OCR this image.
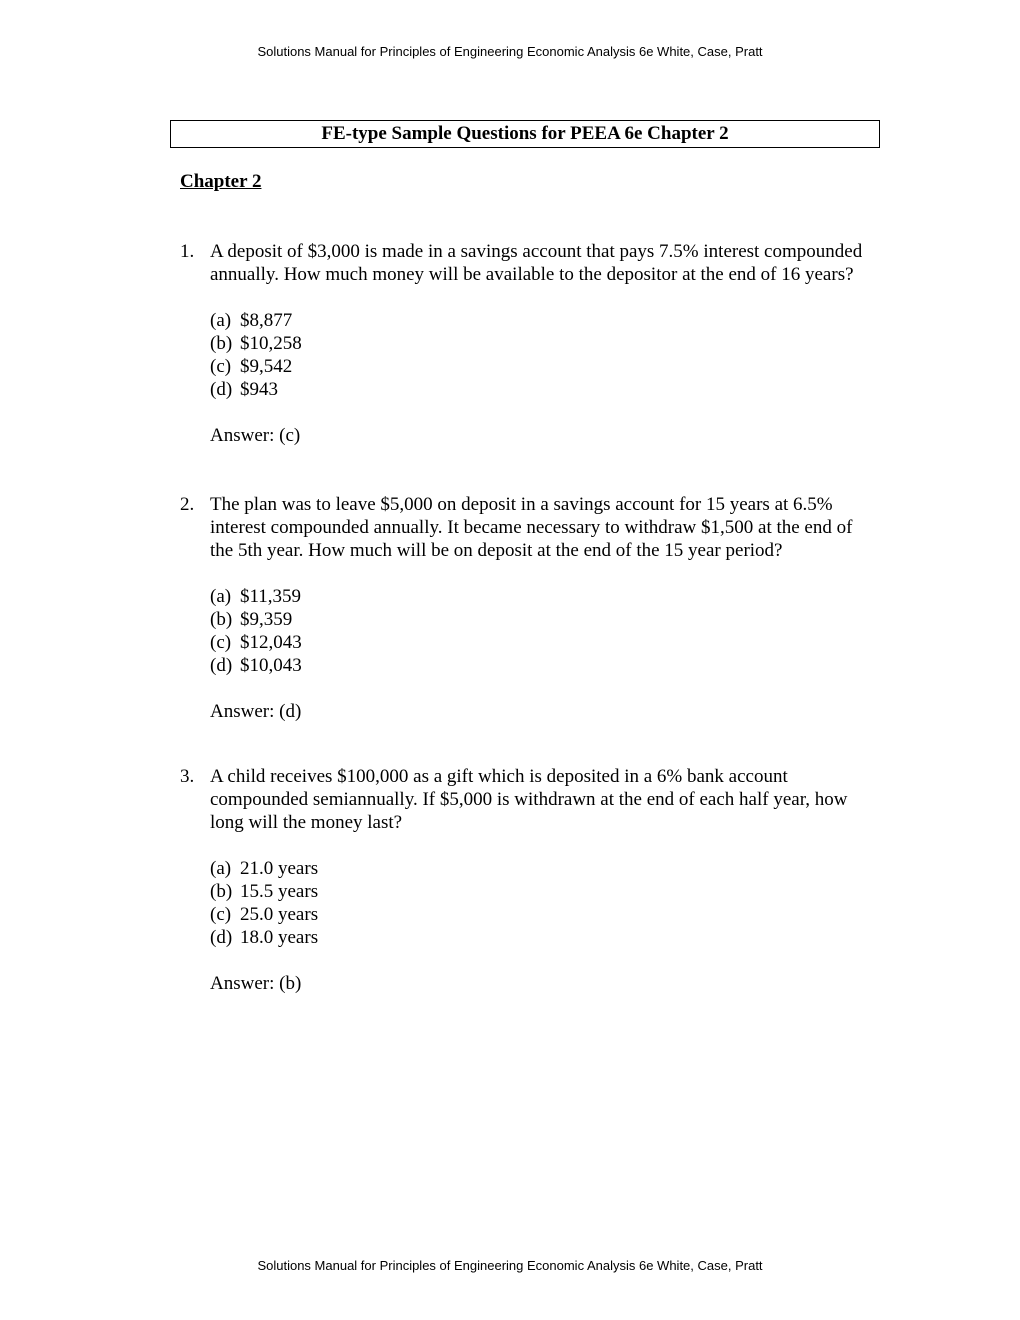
Solutions Manual for Principles of Engineering Economic Analysis 6e White, Case, Pratt
FE-type Sample Questions for PEEA 6e Chapter 2
Chapter 2
1. A deposit of $3,000 is made in a savings account that pays 7.5% interest compounded annually. How much money will be available to the depositor at the end of 16 years?
(a) $8,877
(b) $10,258
(c) $9,542
(d) $943
Answer: (c)
2. The plan was to leave $5,000 on deposit in a savings account for 15 years at 6.5% interest compounded annually. It became necessary to withdraw $1,500 at the end of the 5th year. How much will be on deposit at the end of the 15 year period?
(a) $11,359
(b) $9,359
(c) $12,043
(d) $10,043
Answer: (d)
3. A child receives $100,000 as a gift which is deposited in a 6% bank account compounded semiannually. If $5,000 is withdrawn at the end of each half year, how long will the money last?
(a) 21.0 years
(b) 15.5 years
(c) 25.0 years
(d) 18.0 years
Answer: (b)
Solutions Manual for Principles of Engineering Economic Analysis 6e White, Case, Pratt
